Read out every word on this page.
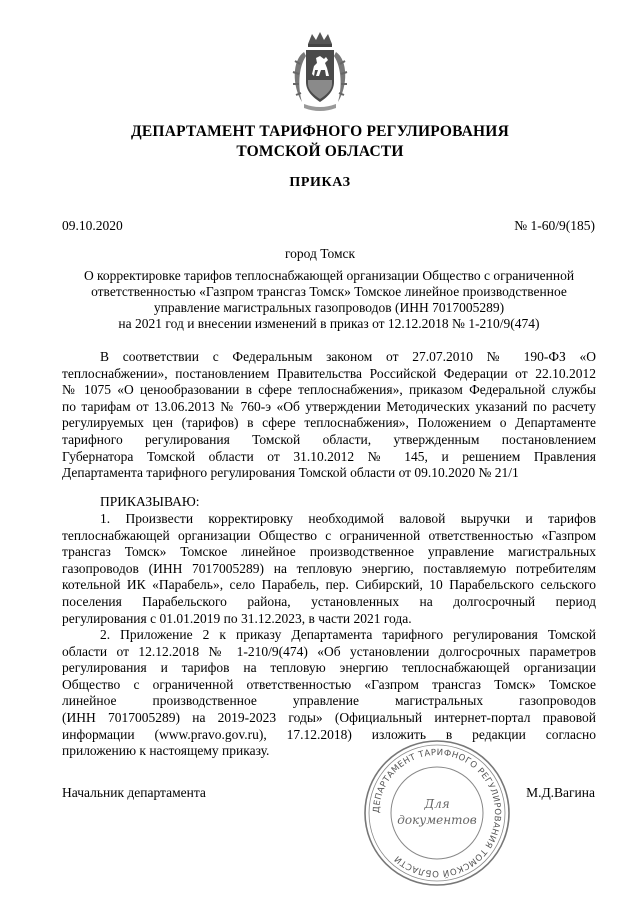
ДЕПАРТАМЕНТ ТАРИФНОГО РЕГУЛИРОВАНИЯ
ТОМСКОЙ ОБЛАСТИ
ПРИКАЗ
09.10.2020	№ 1-60/9(185)
город Томск
О корректировке тарифов теплоснабжающей организации Общество с ограниченной
ответственностью «Газпром трансгаз Томск» Томское линейное производственное
управление магистральных газопроводов (ИНН 7017005289)
на 2021 год и внесении изменений в приказ от 12.12.2018 № 1-210/9(474)
В соответствии с Федеральным законом от 27.07.2010 № 190-ФЗ «О
теплоснабжении», постановлением Правительства Российской Федерации от 22.10.2012
№ 1075 «О ценообразовании в сфере теплоснабжения», приказом Федеральной службы
по тарифам от 13.06.2013 № 760-э «Об утверждении Методических указаний по расчету
регулируемых цен (тарифов) в сфере теплоснабжения», Положением о Департаменте
тарифного регулирования Томской области, утвержденным постановлением
Губернатора Томской области от 31.10.2012 № 145, и решением Правления
Департамента тарифного регулирования Томской области от 09.10.2020 № 21/1
ПРИКАЗЫВАЮ:
1. Произвести корректировку необходимой валовой выручки и тарифов
теплоснабжающей организации Общество с ограниченной ответственностью «Газпром
трансгаз Томск» Томское линейное производственное управление магистральных
газопроводов (ИНН 7017005289) на тепловую энергию, поставляемую потребителям
котельной ИК «Парабель», село Парабель, пер. Сибирский, 10 Парабельского сельского
поселения Парабельского района, установленных на долгосрочный период
регулирования с 01.01.2019 по 31.12.2023, в части 2021 года.
2. Приложение 2 к приказу Департамента тарифного регулирования Томской
области от 12.12.2018 № 1-210/9(474) «Об установлении долгосрочных параметров
регулирования и тарифов на тепловую энергию теплоснабжающей организации
Общество с ограниченной ответственностью «Газпром трансгаз Томск» Томское
линейное производственное управление магистральных газопроводов
(ИНН 7017005289) на 2019-2023 годы» (Официальный интернет-портал правовой
информации (www.pravo.gov.ru), 17.12.2018) изложить в редакции согласно
приложению к настоящему приказу.
Начальник департамента	М.Д.Вагина
ДЕПАРТАМЕНТ ТАРИФНОГО РЕГУЛИРОВАНИЯ ТОМСКОЙ ОБЛАСТИ
Для
документов
